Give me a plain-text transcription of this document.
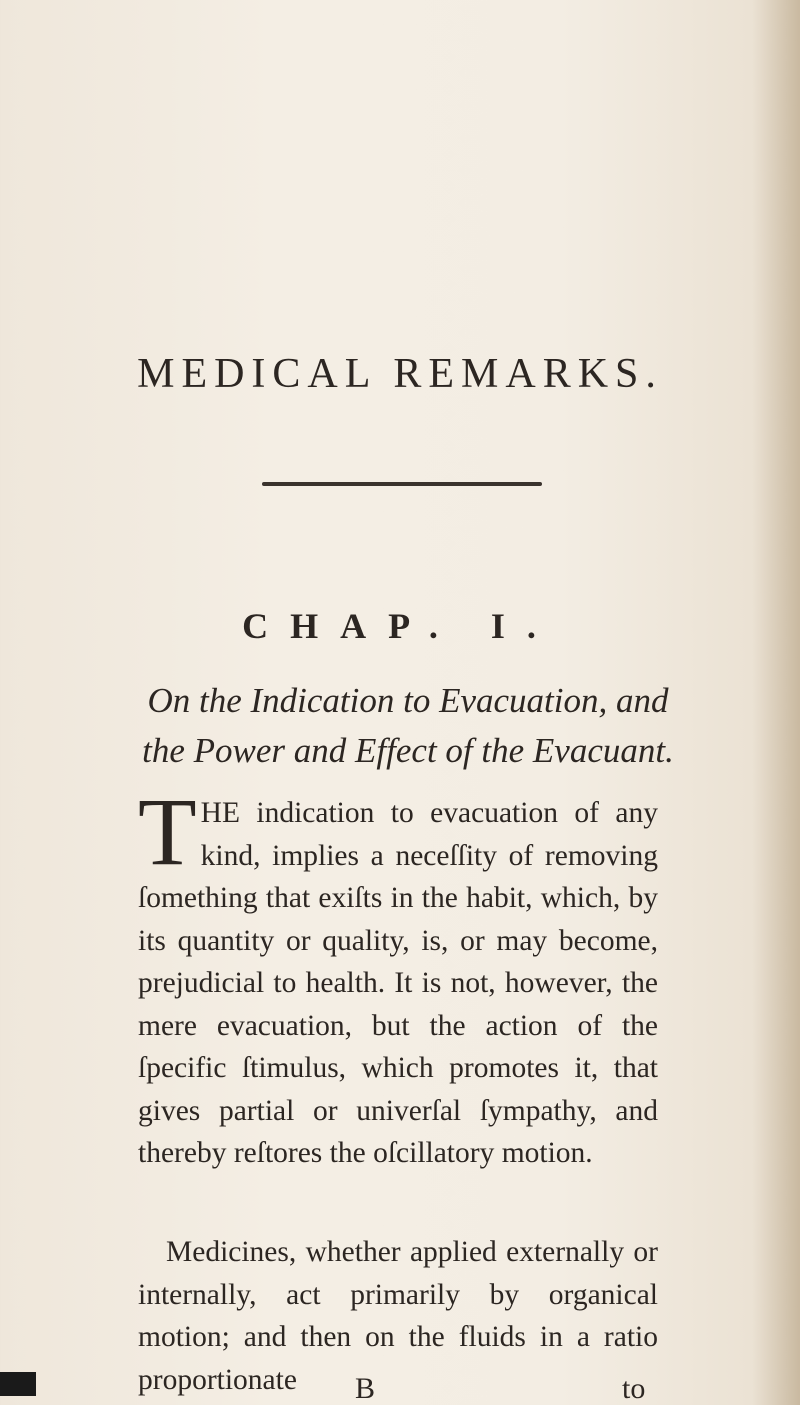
MEDICAL REMARKS.
CHAP. I.

On the Indication to Evacuation, and the Power and Effect of the Evacuant.

THE indication to evacuation of any kind, implies a neceſſity of removing ſomething that exiſts in the habit, which, by its quantity or quality, is, or may become, prejudicial to health. It is not, however, the mere evacuation, but the action of the ſpecific ſtimulus, which promotes it, that gives partial or univerſal ſympathy, and thereby reſtores the oſcillatory motion.

Medicines, whether applied externally or internally, act primarily by organical motion; and then on the fluids in a ratio proportionate	B	to
